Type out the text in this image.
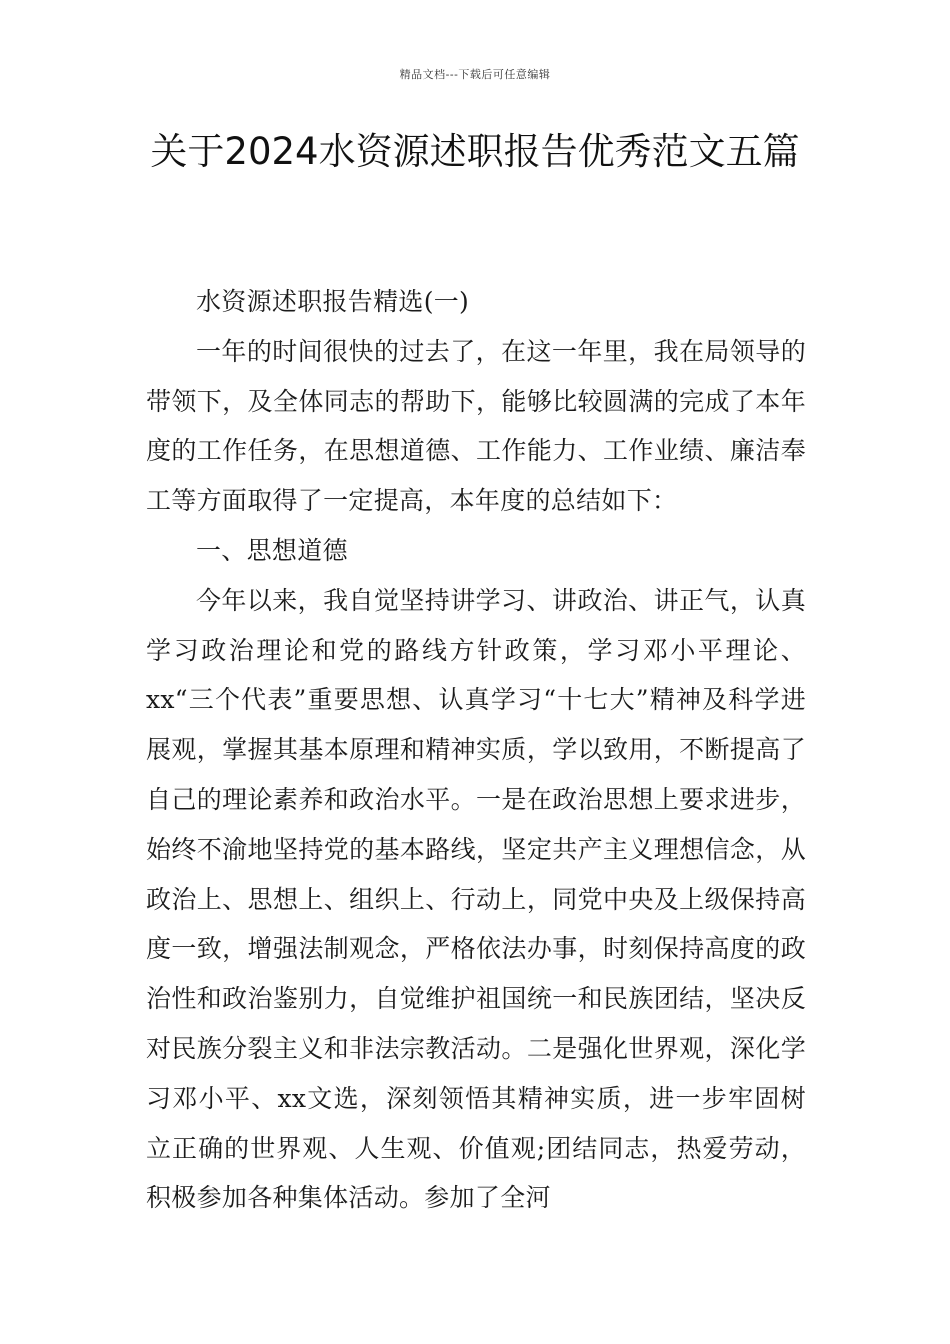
精品文档---下载后可任意编辑
关于2024水资源述职报告优秀范文五篇

水资源述职报告精选(一)

一年的时间很快的过去了，在这一年里，我在局领导的带领下，及全体同志的帮助下，能够比较圆满的完成了本年度的工作任务，在思想道德、工作能力、工作业绩、廉洁奉工等方面取得了一定提高，本年度的总结如下：

一、思想道德

今年以来，我自觉坚持讲学习、讲政治、讲正气，认真学习政治理论和党的路线方针政策，学习邓小平理论、xx“三个代表”重要思想、认真学习“十七大”精神及科学进展观，掌握其基本原理和精神实质，学以致用，不断提高了自己的理论素养和政治水平。一是在政治思想上要求进步，始终不渝地坚持党的基本路线，坚定共产主义理想信念，从政治上、思想上、组织上、行动上，同党中央及上级保持高度一致，增强法制观念，严格依法办事，时刻保持高度的政治性和政治鉴别力，自觉维护祖国统一和民族团结，坚决反对民族分裂主义和非法宗教活动。二是强化世界观，深化学习邓小平、xx文选，深刻领悟其精神实质，进一步牢固树立正确的世界观、人生观、价值观;团结同志，热爱劳动，积极参加各种集体活动。参加了全河
